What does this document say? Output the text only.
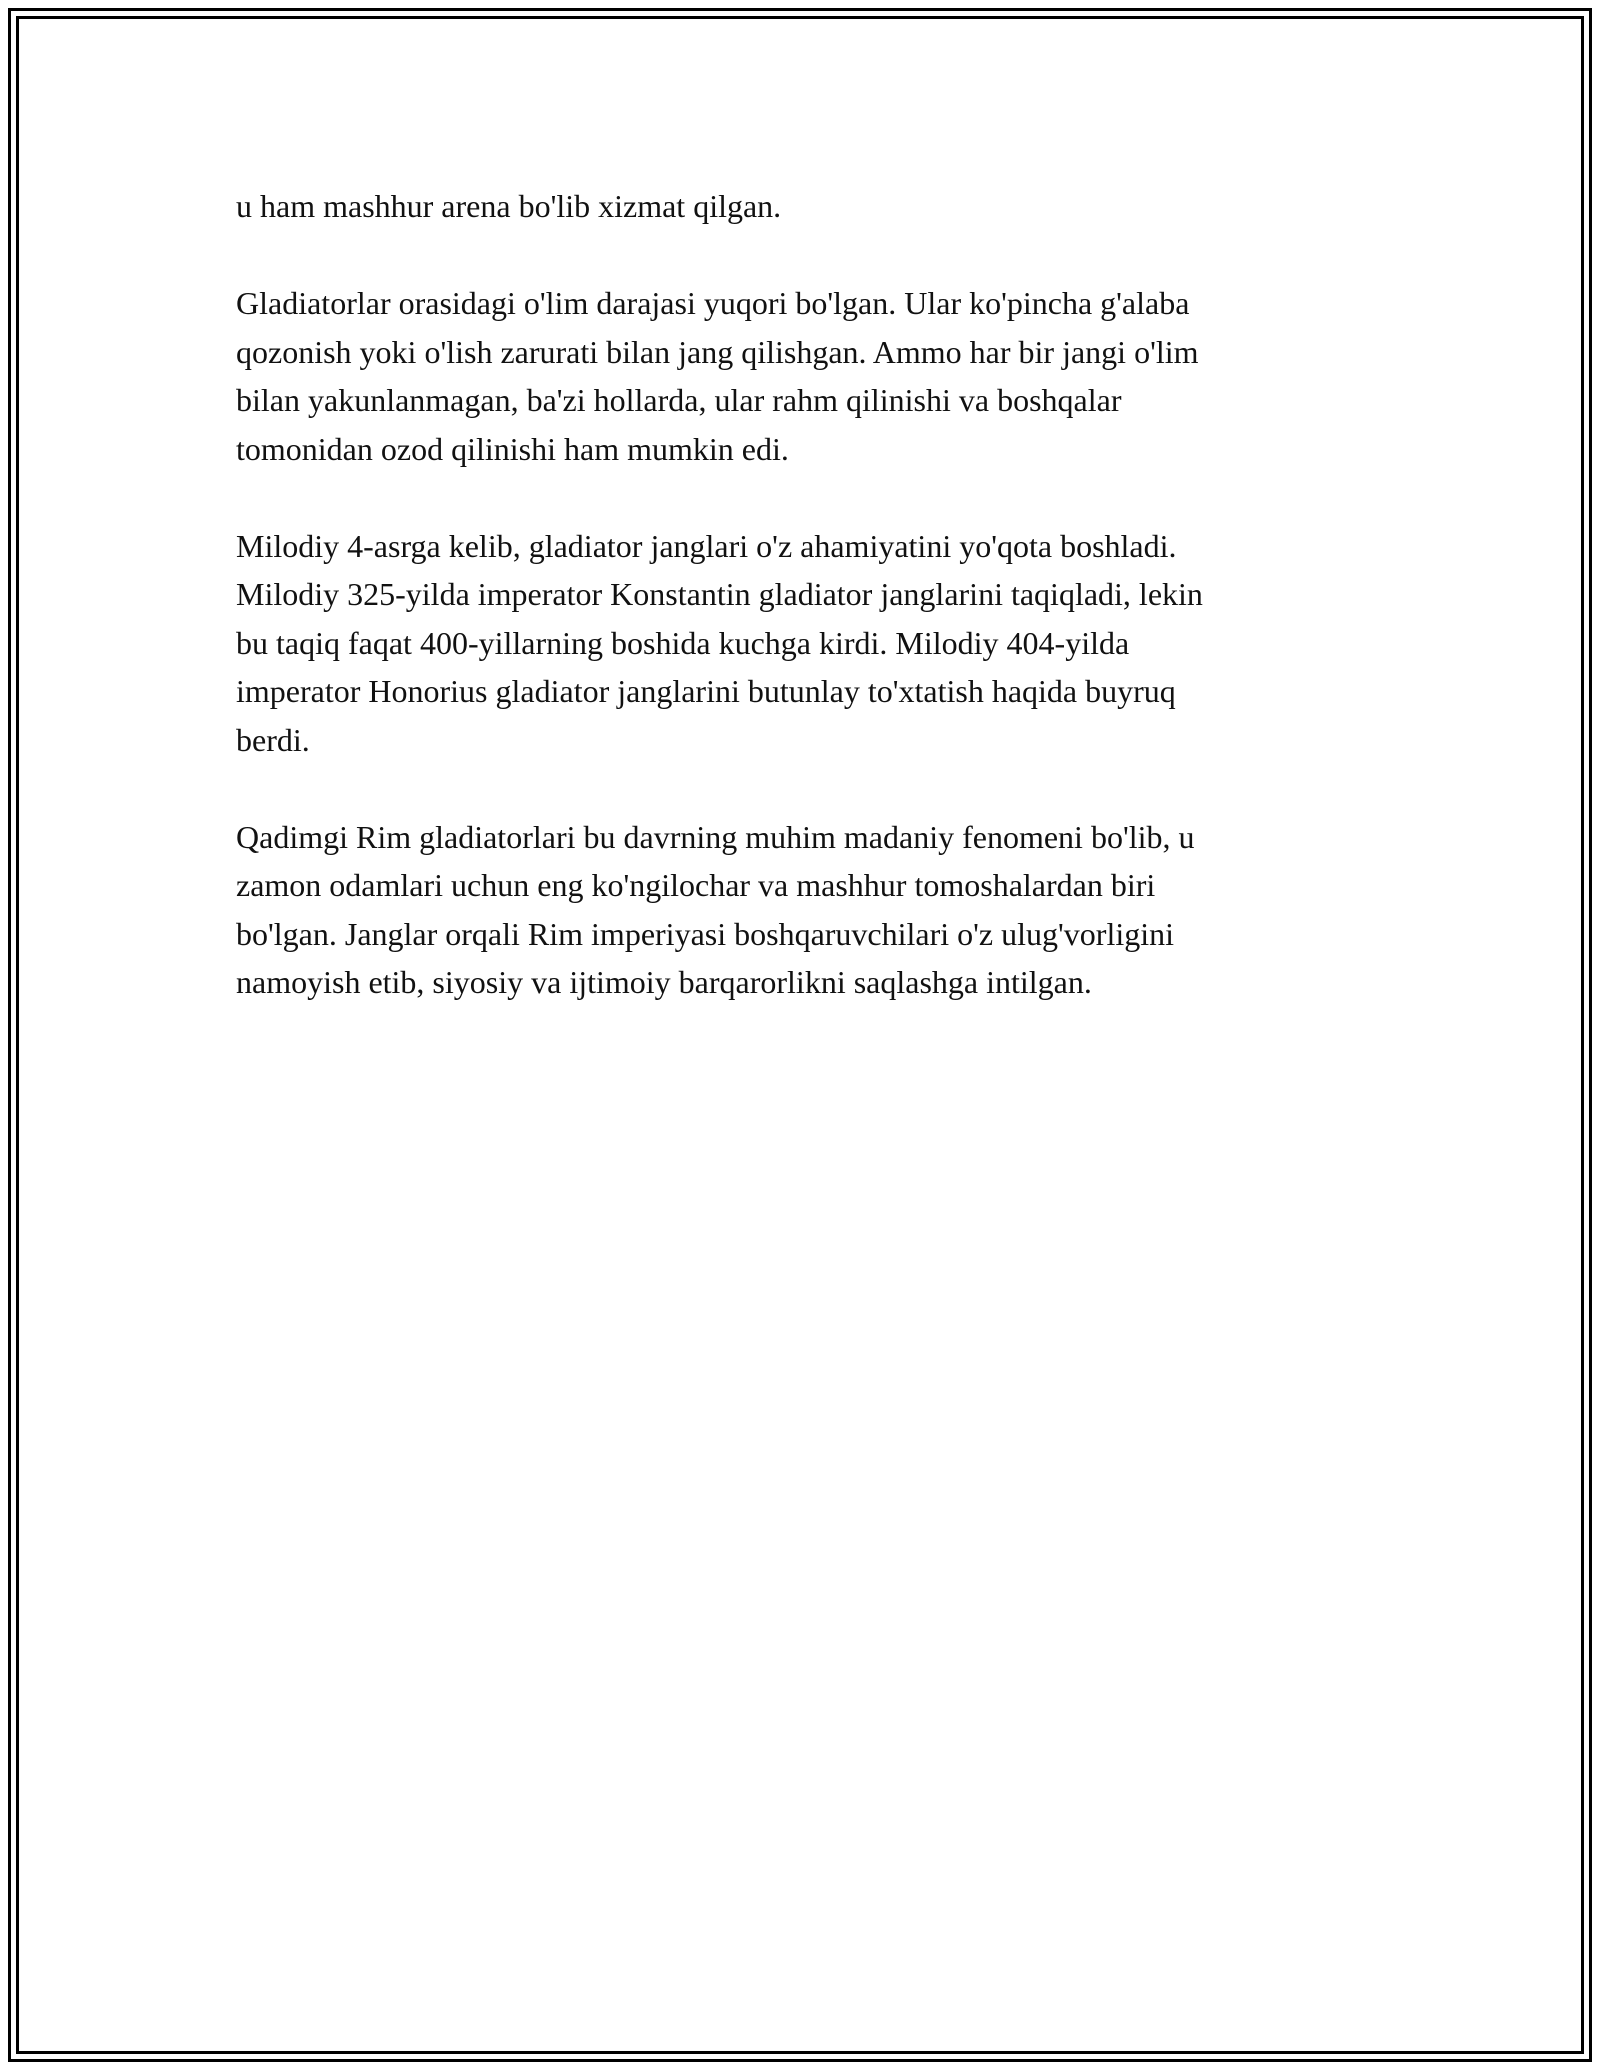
u ham mashhur arena bo'lib xizmat qilgan.

Gladiatorlar orasidagi o'lim darajasi yuqori bo'lgan. Ular ko'pincha g'alaba
qozonish yoki o'lish zarurati bilan jang qilishgan. Ammo har bir jangi o'lim
bilan yakunlanmagan, ba'zi hollarda, ular rahm qilinishi va boshqalar
tomonidan ozod qilinishi ham mumkin edi.

Milodiy 4-asrga kelib, gladiator janglari o'z ahamiyatini yo'qota boshladi.
Milodiy 325-yilda imperator Konstantin gladiator janglarini taqiqladi, lekin
bu taqiq faqat 400-yillarning boshida kuchga kirdi. Milodiy 404-yilda
imperator Honorius gladiator janglarini butunlay to'xtatish haqida buyruq
berdi.

Qadimgi Rim gladiatorlari bu davrning muhim madaniy fenomeni bo'lib, u
zamon odamlari uchun eng ko'ngilochar va mashhur tomoshalardan biri
bo'lgan. Janglar orqali Rim imperiyasi boshqaruvchilari o'z ulug'vorligini
namoyish etib, siyosiy va ijtimoiy barqarorlikni saqlashga intilgan.
